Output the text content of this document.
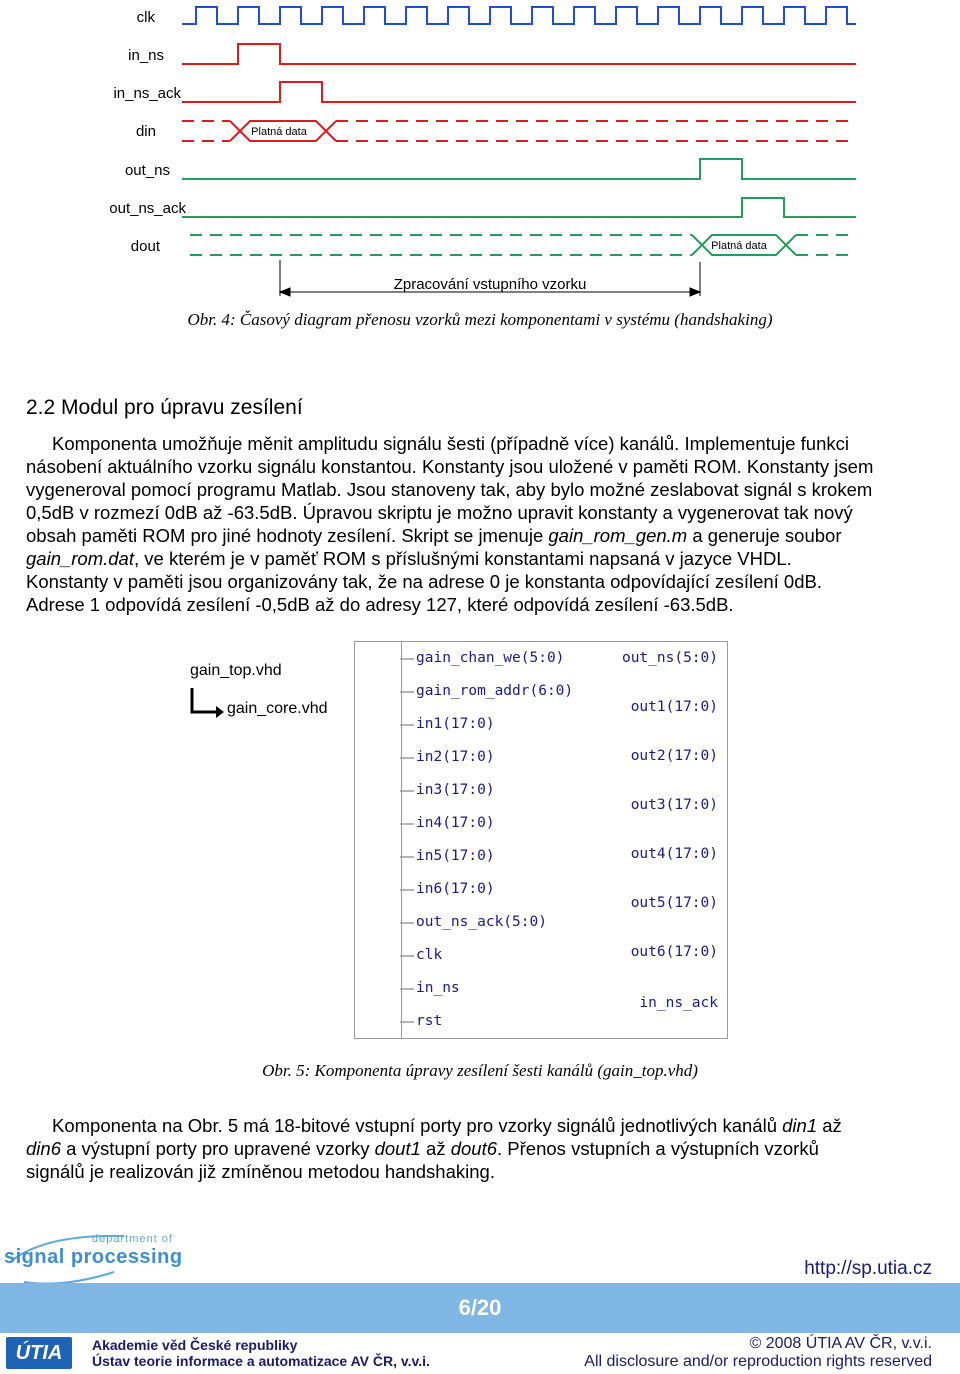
clk
in_ns
in_ns_ack
din
out_ns
out_ns_ack
dout
Platná data
Platná data
Zpracování vstupního vzorku
Obr. 4: Časový diagram přenosu vzorků mezi komponentami v systému (handshaking)
2.2 Modul pro úpravu zesílení

Komponenta umožňuje měnit amplitudu signálu šesti (případně více) kanálů. Implementuje funkci

násobení aktuálního vzorku signálu konstantou. Konstanty jsou uložené v paměti ROM. Konstanty jsem

vygeneroval pomocí programu Matlab. Jsou stanoveny tak, aby bylo možné zeslabovat signál s krokem

0,5dB v rozmezí 0dB až -63.5dB. Úpravou skriptu je možno upravit konstanty a vygenerovat tak nový

obsah paměti ROM pro jiné hodnoty zesílení. Skript se jmenuje gain_rom_gen.m a generuje soubor

gain_rom.dat, ve kterém je v paměť ROM s příslušnými konstantami napsaná v jazyce VHDL.

Konstanty v paměti jsou organizovány tak, že na adrese 0 je konstanta odpovídající zesílení 0dB.

Adrese 1 odpovídá zesílení -0,5dB až do adresy 127, které odpovídá zesílení -63.5dB.

gain_top.vhd
gain_core.vhd
gain_chan_we(5:0)
gain_rom_addr(6:0)
in1(17:0)
in2(17:0)
in3(17:0)
in4(17:0)
in5(17:0)
in6(17:0)
out_ns_ack(5:0)
clk
in_ns
rst
out_ns(5:0)
out1(17:0)
out2(17:0)
out3(17:0)
out4(17:0)
out5(17:0)
out6(17:0)
in_ns_ack
Obr. 5: Komponenta úpravy zesílení šesti kanálů (gain_top.vhd)

Komponenta na Obr. 5 má 18-bitové vstupní porty pro vzorky signálů jednotlivých kanálů din1 až

din6 a výstupní porty pro upravené vzorky dout1 až dout6. Přenos vstupních a výstupních vzorků

signálů je realizován již zmíněnou metodou handshaking.

department of
signal processing
http://sp.utia.cz
6/20
ÚTIA	Akademie věd České republiky
Ústav teorie informace a automatizace AV ČR, v.v.i.
© 2008 ÚTIA AV ČR, v.v.i.
All disclosure and/or reproduction rights reserved
